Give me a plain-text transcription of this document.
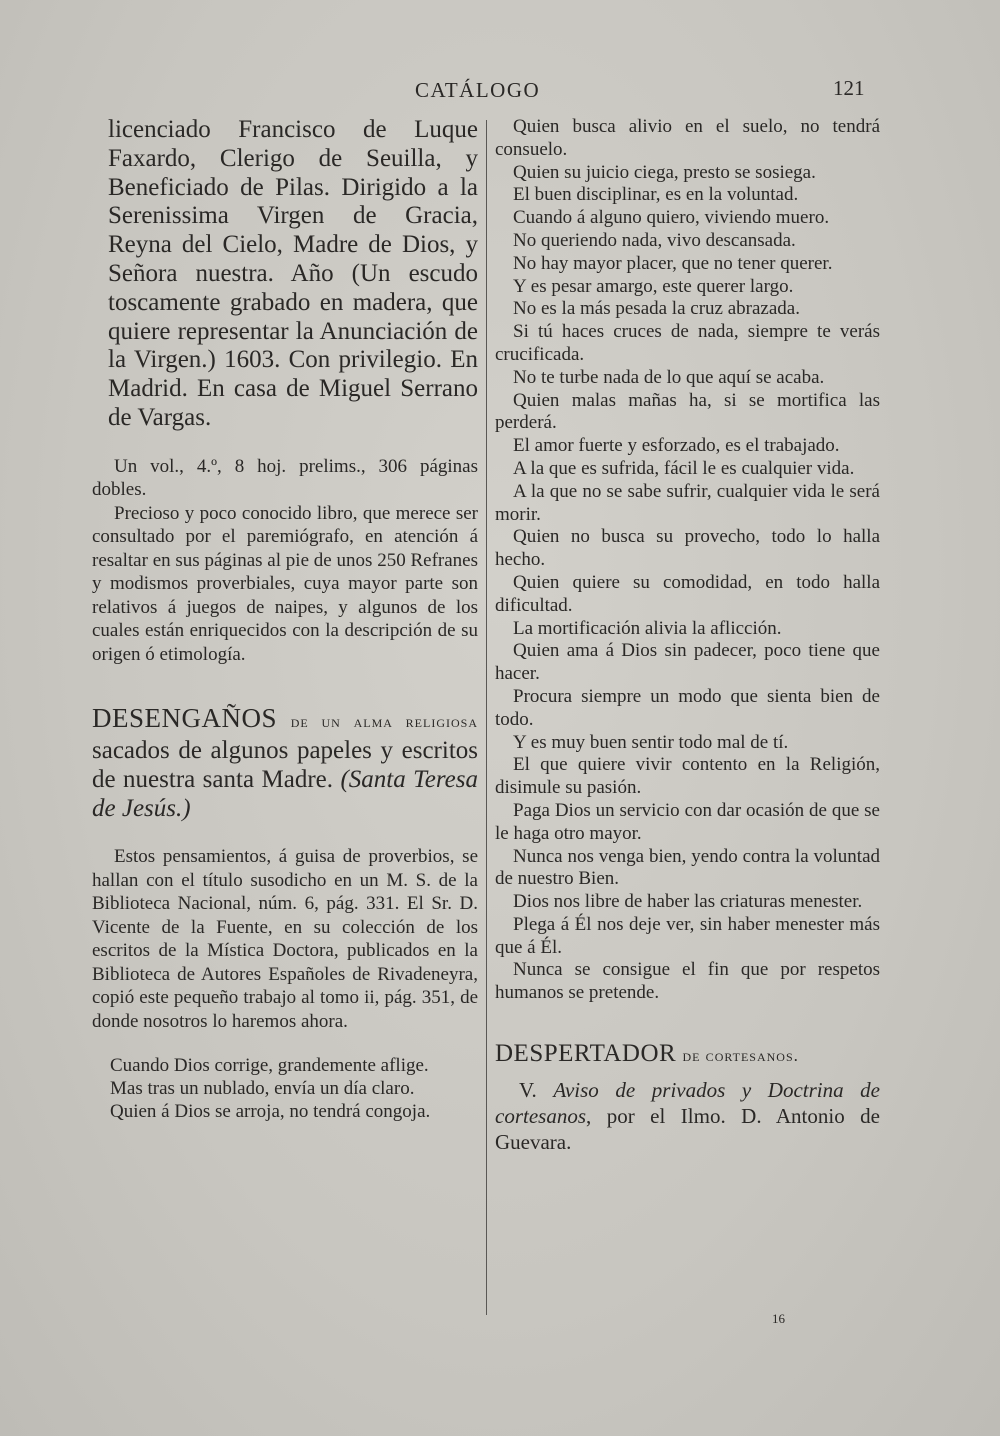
CATÁLOGO	121

licenciado Francisco de Luque Faxardo, Clerigo de Seuilla, y Beneficiado de Pilas. Dirigido a la Serenissima Virgen de Gracia, Reyna del Cielo, Madre de Dios, y Señora nuestra. Año (Un escudo toscamente grabado en madera, que quiere representar la Anunciación de la Virgen.) 1603. Con privilegio. En Madrid. En casa de Miguel Serrano de Vargas.

Un vol., 4.º, 8 hoj. prelims., 306 páginas dobles.

Precioso y poco conocido libro, que merece ser consultado por el paremiógrafo, en atención á resaltar en sus páginas al pie de unos 250 Refranes y modismos proverbiales, cuya mayor parte son relativos á juegos de naipes, y algunos de los cuales están enriquecidos con la descripción de su origen ó etimología.

DESENGAÑOS de un alma religiosa sacados de algunos papeles y escritos de nuestra santa Madre. (Santa Teresa de Jesús.)

Estos pensamientos, á guisa de proverbios, se hallan con el título susodicho en un M. S. de la Biblioteca Nacional, núm. 6, pág. 331. El Sr. D. Vicente de la Fuente, en su colección de los escritos de la Mística Doctora, publicados en la Biblioteca de Autores Españoles de Rivadeneyra, copió este pequeño trabajo al tomo ii, pág. 351, de donde nosotros lo haremos ahora.

Cuando Dios corrige, grandemente aflige.

Mas tras un nublado, envía un día claro.

Quien á Dios se arroja, no tendrá congoja.

Quien busca alivio en el suelo, no tendrá consuelo.

Quien su juicio ciega, presto se sosiega.

El buen disciplinar, es en la voluntad.

Cuando á alguno quiero, viviendo muero.

No queriendo nada, vivo descansada.

No hay mayor placer, que no tener querer.

Y es pesar amargo, este querer largo.

No es la más pesada la cruz abrazada.

Si tú haces cruces de nada, siempre te verás crucificada.

No te turbe nada de lo que aquí se acaba.

Quien malas mañas ha, si se mortifica las perderá.

El amor fuerte y esforzado, es el trabajado.

A la que es sufrida, fácil le es cualquier vida.

A la que no se sabe sufrir, cualquier vida le será morir.

Quien no busca su provecho, todo lo halla hecho.

Quien quiere su comodidad, en todo halla dificultad.

La mortificación alivia la aflicción.

Quien ama á Dios sin padecer, poco tiene que hacer.

Procura siempre un modo que sienta bien de todo.

Y es muy buen sentir todo mal de tí.

El que quiere vivir contento en la Religión, disimule su pasión.

Paga Dios un servicio con dar ocasión de que se le haga otro mayor.

Nunca nos venga bien, yendo contra la voluntad de nuestro Bien.

Dios nos libre de haber las criaturas menester.

Plega á Él nos deje ver, sin haber menester más que á Él.

Nunca se consigue el fin que por respetos humanos se pretende.

DESPERTADOR de cortesanos.

V. Aviso de privados y Doctrina de cortesanos, por el Ilmo. D. Antonio de Guevara.

16
